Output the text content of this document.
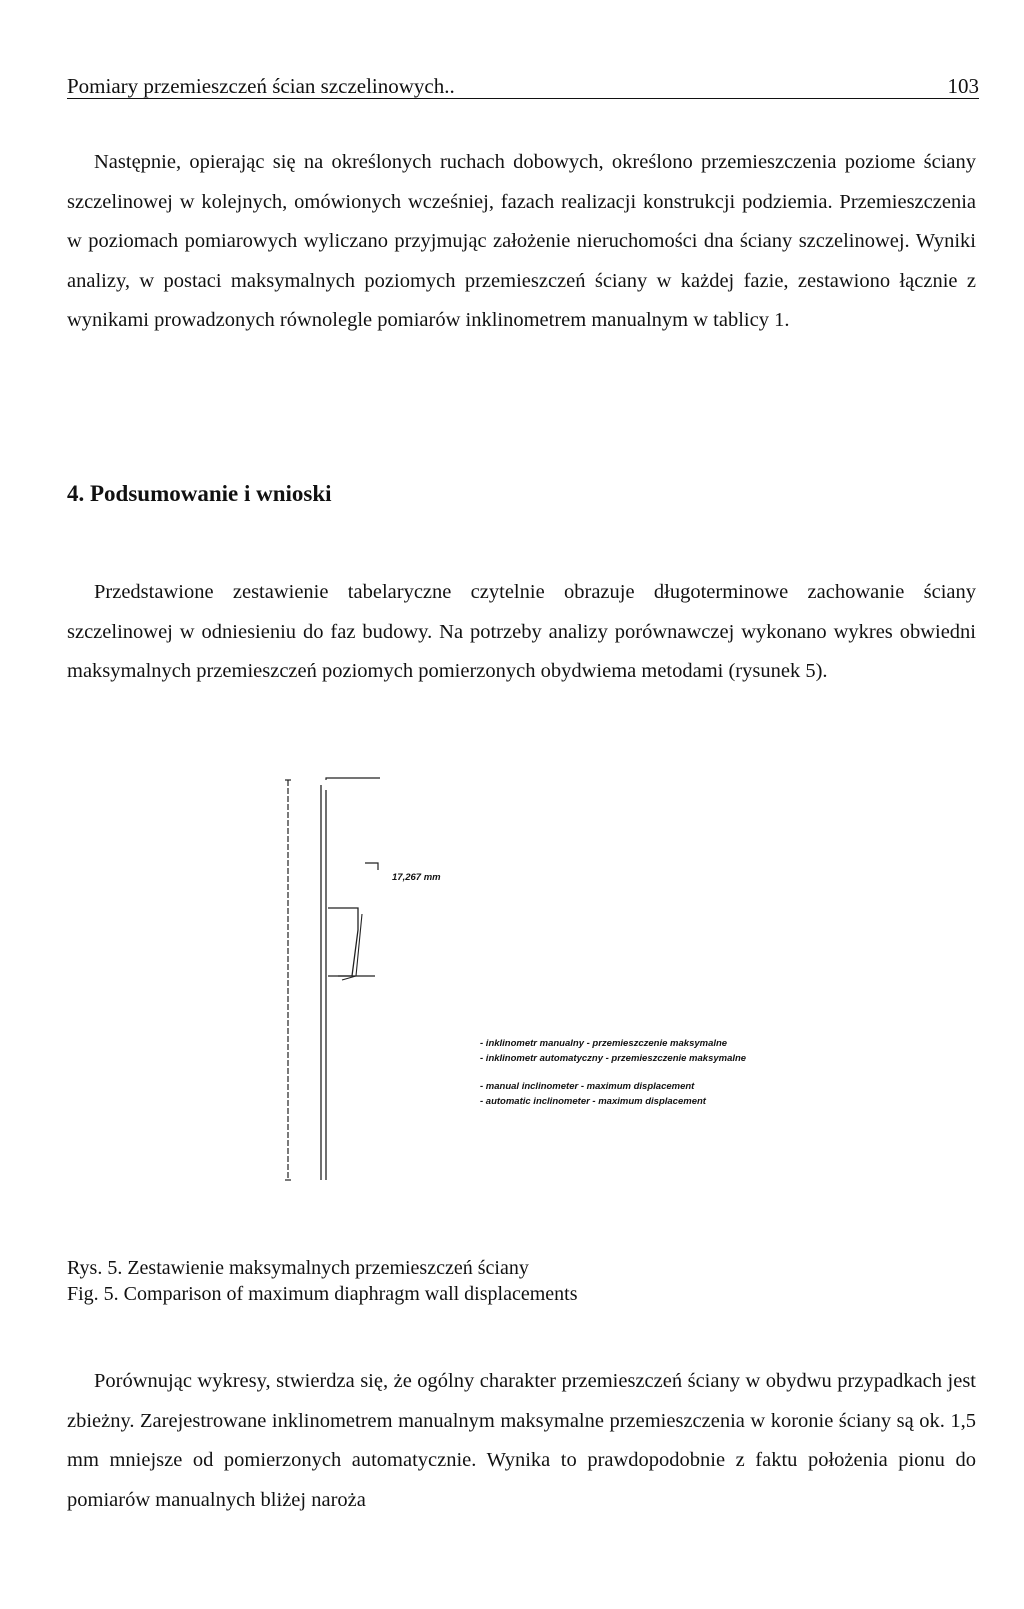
Pomiary przemieszczeń ścian szczelinowych..	103

Następnie, opierając się na określonych ruchach dobowych, określono przemieszczenia poziome ściany szczelinowej w kolejnych, omówionych wcześniej, fazach realizacji konstrukcji podziemia. Przemieszczenia w poziomach pomiarowych wyliczano przyjmując założenie nieruchomości dna ściany szczelinowej. Wyniki analizy, w postaci maksymalnych poziomych przemieszczeń ściany w każdej fazie, zestawiono łącznie z wynikami prowadzonych równolegle pomiarów inklinometrem manualnym w tablicy 1.

4. Podsumowanie i wnioski

Przedstawione zestawienie tabelaryczne czytelnie obrazuje długoterminowe zachowanie ściany szczelinowej w odniesieniu do faz budowy. Na potrzeby analizy porównawczej wykonano wykres obwiedni maksymalnych przemieszczeń poziomych pomierzonych obydwiema metodami (rysunek 5).

17,267 mm
- inklinometr manualny - przemieszczenie maksymalne
- inklinometr automatyczny - przemieszczenie maksymalne
- manual inclinometer - maximum displacement
- automatic inclinometer - maximum displacement

Rys. 5. Zestawienie maksymalnych przemieszczeń ściany

Fig. 5. Comparison of maximum diaphragm wall displacements

Porównując wykresy, stwierdza się, że ogólny charakter przemieszczeń ściany w obydwu przypadkach jest zbieżny. Zarejestrowane inklinometrem manualnym maksymalne przemieszczenia w koronie ściany są ok. 1,5 mm mniejsze od pomierzonych automatycznie. Wynika to prawdopodobnie z faktu położenia pionu do pomiarów manualnych bliżej naroża
